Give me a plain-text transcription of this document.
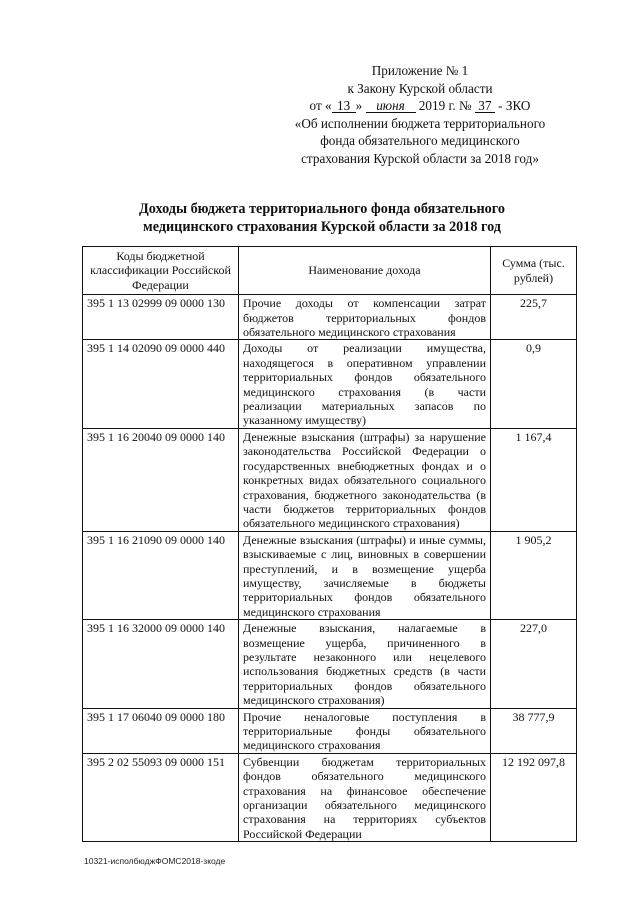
Приложение № 1
к Закону Курской области
от « 13 » июня 2019 г. № 37 - ЗКО
«Об исполнении бюджета территориального
фонда обязательного медицинского
страхования Курской области за 2018 год»
Доходы бюджета территориального фонда обязательного
медицинского страхования Курской области за 2018 год
Коды бюджетной классификации Российской Федерации	Наименование дохода	Сумма (тыс. рублей)
395 1 13 02999 09 0000 130	Прочие доходы от компенсации затрат бюджетов территориальных фондов обязательного медицинского страхования	225,7
395 1 14 02090 09 0000 440	Доходы от реализации имущества, находящегося в оперативном управлении территориальных фондов обязательного медицинского страхования (в части реализации материальных запасов по указанному имуществу)	0,9
395 1 16 20040 09 0000 140	Денежные взыскания (штрафы) за нарушение законодательства Российской Федерации о государственных внебюджетных фондах и о конкретных видах обязательного социального страхования, бюджетного законодательства (в части бюджетов территориальных фондов обязательного медицинского страхования)	1 167,4
395 1 16 21090 09 0000 140	Денежные взыскания (штрафы) и иные суммы, взыскиваемые с лиц, виновных в совершении преступлений, и в возмещение ущерба имуществу, зачисляемые в бюджеты территориальных фондов обязательного медицинского страхования	1 905,2
395 1 16 32000 09 0000 140	Денежные взыскания, налагаемые в возмещение ущерба, причиненного в результате незаконного или нецелевого использования бюджетных средств (в части территориальных фондов обязательного медицинского страхования)	227,0
395 1 17 06040 09 0000 180	Прочие неналоговые поступления в территориальные фонды обязательного медицинского страхования	38 777,9
395 2 02 55093 09 0000 151	Субвенции бюджетам территориальных фондов обязательного медицинского страхования на финансовое обеспечение организации обязательного медицинского страхования на территориях субъектов Российской Федерации	12 192 097,8
10321-исполбюджФОМС2018-зкоде
